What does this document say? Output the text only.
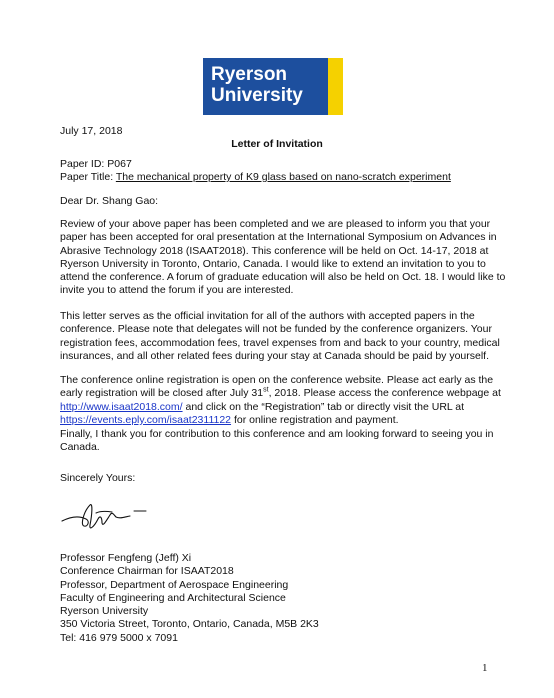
Ryerson
University
July 17, 2018
Letter of Invitation
Paper ID: P067
Paper Title: The mechanical property of K9 glass based on nano-scratch experiment
Dear Dr. Shang Gao:
Review of your above paper has been completed and we are pleased to inform you that your
paper has been accepted for oral presentation at the International Symposium on Advances in
Abrasive Technology 2018 (ISAAT2018). This conference will be held on Oct. 14-17, 2018 at
Ryerson University in Toronto, Ontario, Canada. I would like to extend an invitation to you to
attend the conference. A forum of graduate education will also be held on Oct. 18. I would like to
invite you to attend the forum if you are interested.
This letter serves as the official invitation for all of the authors with accepted papers in the
conference. Please note that delegates will not be funded by the conference organizers. Your
registration fees, accommodation fees, travel expenses from and back to your country, medical
insurances, and all other related fees during your stay at Canada should be paid by yourself.
The conference online registration is open on the conference website. Please act early as the
early registration will be closed after July 31st, 2018. Please access the conference webpage at
http://www.isaat2018.com/ and click on the “Registration” tab or directly visit the URL at
https://events.eply.com/isaat2311122 for online registration and payment.
Finally, I thank you for contribution to this conference and am looking forward to seeing you in
Canada.
Sincerely Yours:
Professor Fengfeng (Jeff) Xi
Conference Chairman for ISAAT2018
Professor, Department of Aerospace Engineering
Faculty of Engineering and Architectural Science
Ryerson University
350 Victoria Street, Toronto, Ontario, Canada, M5B 2K3
Tel: 416 979 5000 x 7091
1
